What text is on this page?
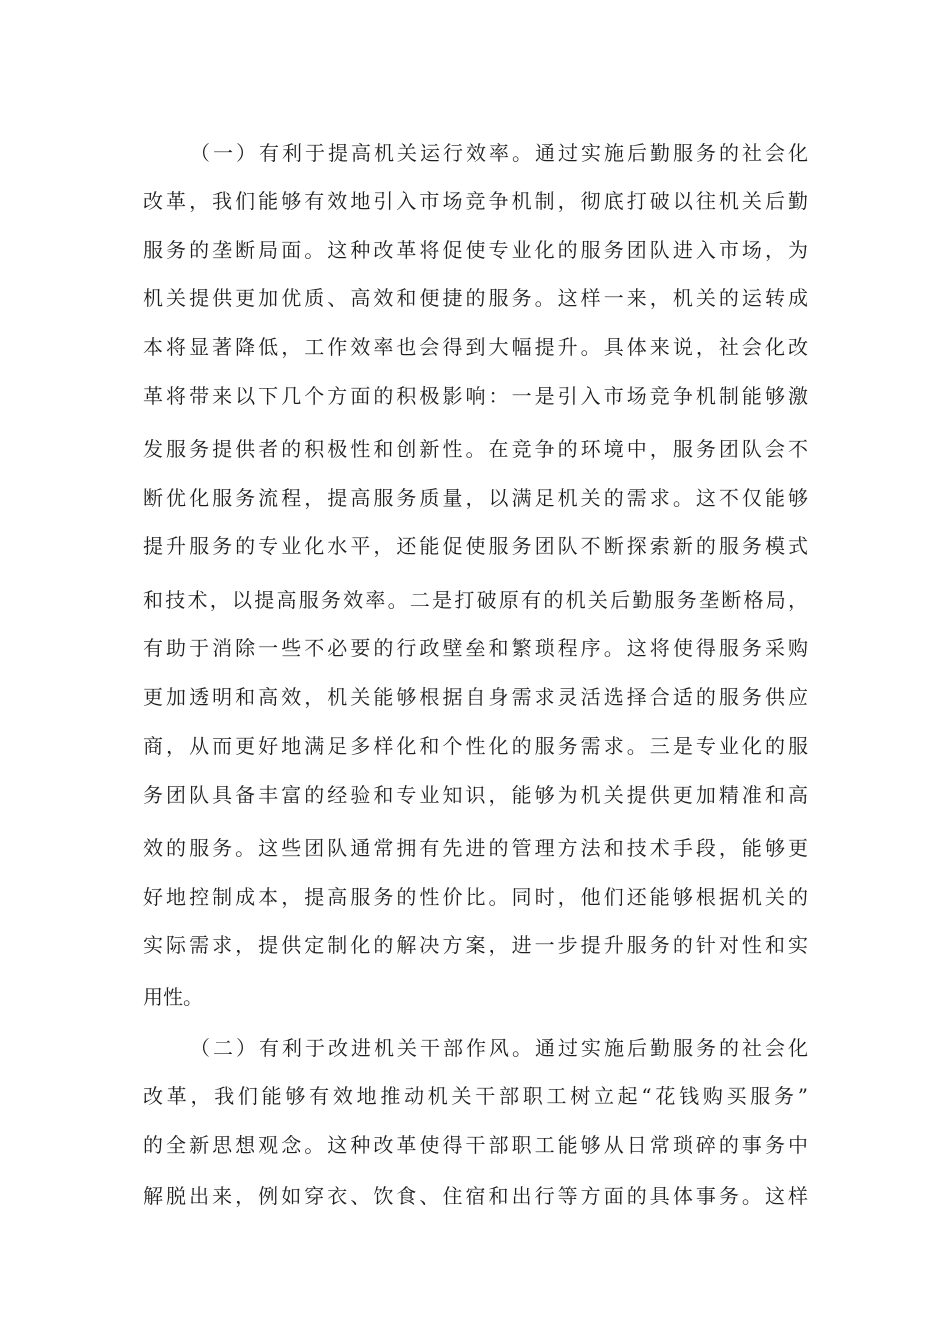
（一）有利于提高机关运行效率。通过实施后勤服务的社会化
改革，我们能够有效地引入市场竞争机制，彻底打破以往机关后勤
服务的垄断局面。这种改革将促使专业化的服务团队进入市场，为
机关提供更加优质、高效和便捷的服务。这样一来，机关的运转成
本将显著降低，工作效率也会得到大幅提升。具体来说，社会化改
革将带来以下几个方面的积极影响：一是引入市场竞争机制能够激
发服务提供者的积极性和创新性。在竞争的环境中，服务团队会不
断优化服务流程，提高服务质量，以满足机关的需求。这不仅能够
提升服务的专业化水平，还能促使服务团队不断探索新的服务模式
和技术，以提高服务效率。二是打破原有的机关后勤服务垄断格局，
有助于消除一些不必要的行政壁垒和繁琐程序。这将使得服务采购
更加透明和高效，机关能够根据自身需求灵活选择合适的服务供应
商，从而更好地满足多样化和个性化的服务需求。三是专业化的服
务团队具备丰富的经验和专业知识，能够为机关提供更加精准和高
效的服务。这些团队通常拥有先进的管理方法和技术手段，能够更
好地控制成本，提高服务的性价比。同时，他们还能够根据机关的
实际需求，提供定制化的解决方案，进一步提升服务的针对性和实
用性。
（二）有利于改进机关干部作风。通过实施后勤服务的社会化
改革，我们能够有效地推动机关干部职工树立起“花钱购买服务”
的全新思想观念。这种改革使得干部职工能够从日常琐碎的事务中
解脱出来，例如穿衣、饮食、住宿和出行等方面的具体事务。这样
